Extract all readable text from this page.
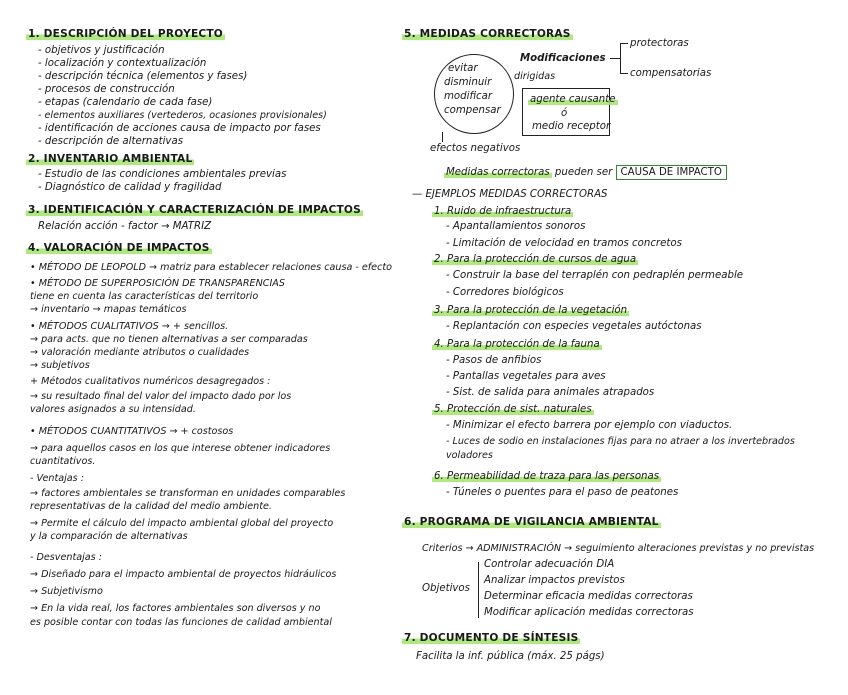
1. DESCRIPCIÓN DEL PROYECTO
- objetivos y justificación
- localización y contextualización
- descripción técnica (elementos y fases)
- procesos de construcción
- etapas (calendario de cada fase)
- elementos auxiliares (vertederos, ocasiones provisionales)
- identificación de acciones causa de impacto por fases
- descripción de alternativas
2. INVENTARIO AMBIENTAL
- Estudio de las condiciones ambientales previas
- Diagnóstico de calidad y fragilidad
3. IDENTIFICACIÓN Y CARACTERIZACIÓN DE IMPACTOS
Relación acción - factor → MATRIZ
4. VALORACIÓN DE IMPACTOS
• MÉTODO DE LEOPOLD → matriz para establecer relaciones causa - efecto
• MÉTODO DE SUPERPOSICIÓN DE TRANSPARENCIAS
tiene en cuenta las características del territorio
→ inventario → mapas temáticos
• MÉTODOS CUALITATIVOS → + sencillos.
→ para acts. que no tienen alternativas a ser comparadas
→ valoración mediante atributos o cualidades
→ subjetivos
+ Métodos cualitativos numéricos desagregados :
→ su resultado final del valor del impacto dado por los
valores asignados a su intensidad.
• MÉTODOS CUANTITATIVOS → + costosos
→ para aquellos casos en los que interese obtener indicadores
cuantitativos.
- Ventajas :
→ factores ambientales se transforman en unidades comparables
representativas de la calidad del medio ambiente.
→ Permite el cálculo del impacto ambiental global del proyecto
y la comparación de alternativas
- Desventajas :
→ Diseñado para el impacto ambiental de proyectos hidráulicos
→ Subjetivismo
→ En la vida real, los factores ambientales son diversos y no
es posible contar con todas las funciones de calidad ambiental
5. MEDIDAS CORRECTORAS
Modificaciones
protectoras
compensatorias
dirigidas
evitar
disminuir
modificar
compensar
agente causante
ó
medio receptor
efectos negativos
Medidas correctoras pueden ser CAUSA DE IMPACTO
— EJEMPLOS MEDIDAS CORRECTORAS
1. Ruido de infraestructura
- Apantallamientos sonoros
- Limitación de velocidad en tramos concretos
2. Para la protección de cursos de agua
- Construir la base del terraplén con pedraplén permeable
- Corredores biológicos
3. Para la protección de la vegetación
- Replantación con especies vegetales autóctonas
4. Para la protección de la fauna
- Pasos de anfibios
- Pantallas vegetales para aves
- Sist. de salida para animales atrapados
5. Protección de sist. naturales
- Minimizar el efecto barrera por ejemplo con viaductos.
- Luces de sodio en instalaciones fijas para no atraer a los invertebrados
voladores
6. Permeabilidad de traza para las personas
- Túneles o puentes para el paso de peatones
6. PROGRAMA DE VIGILANCIA AMBIENTAL
Criterios → ADMINISTRACIÓN → seguimiento alteraciones previstas y no previstas
Objetivos
Controlar adecuación DIA
Analizar impactos previstos
Determinar eficacia medidas correctoras
Modificar aplicación medidas correctoras
7. DOCUMENTO DE SÍNTESIS
Facilita la inf. pública (máx. 25 págs)
